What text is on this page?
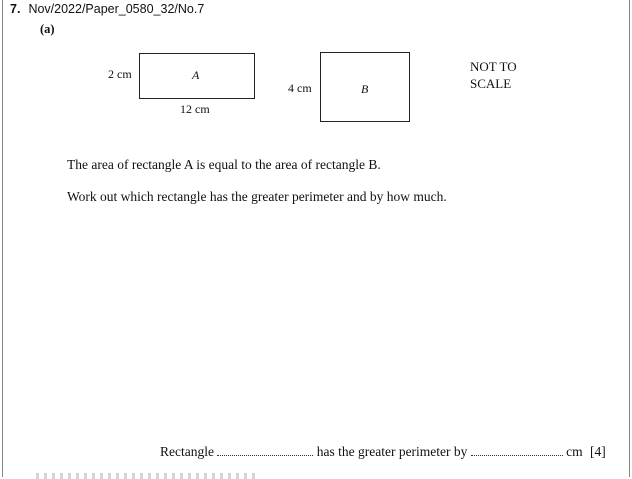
7. Nov/2022/Paper_0580_32/No.7
(a)
2 cm	A
12 cm
4 cm	B
NOT TO
SCALE
The area of rectangle A is equal to the area of rectangle B.
Work out which rectangle has the greater perimeter and by how much.
Rectangle	has the greater perimeter by	cm [4]
